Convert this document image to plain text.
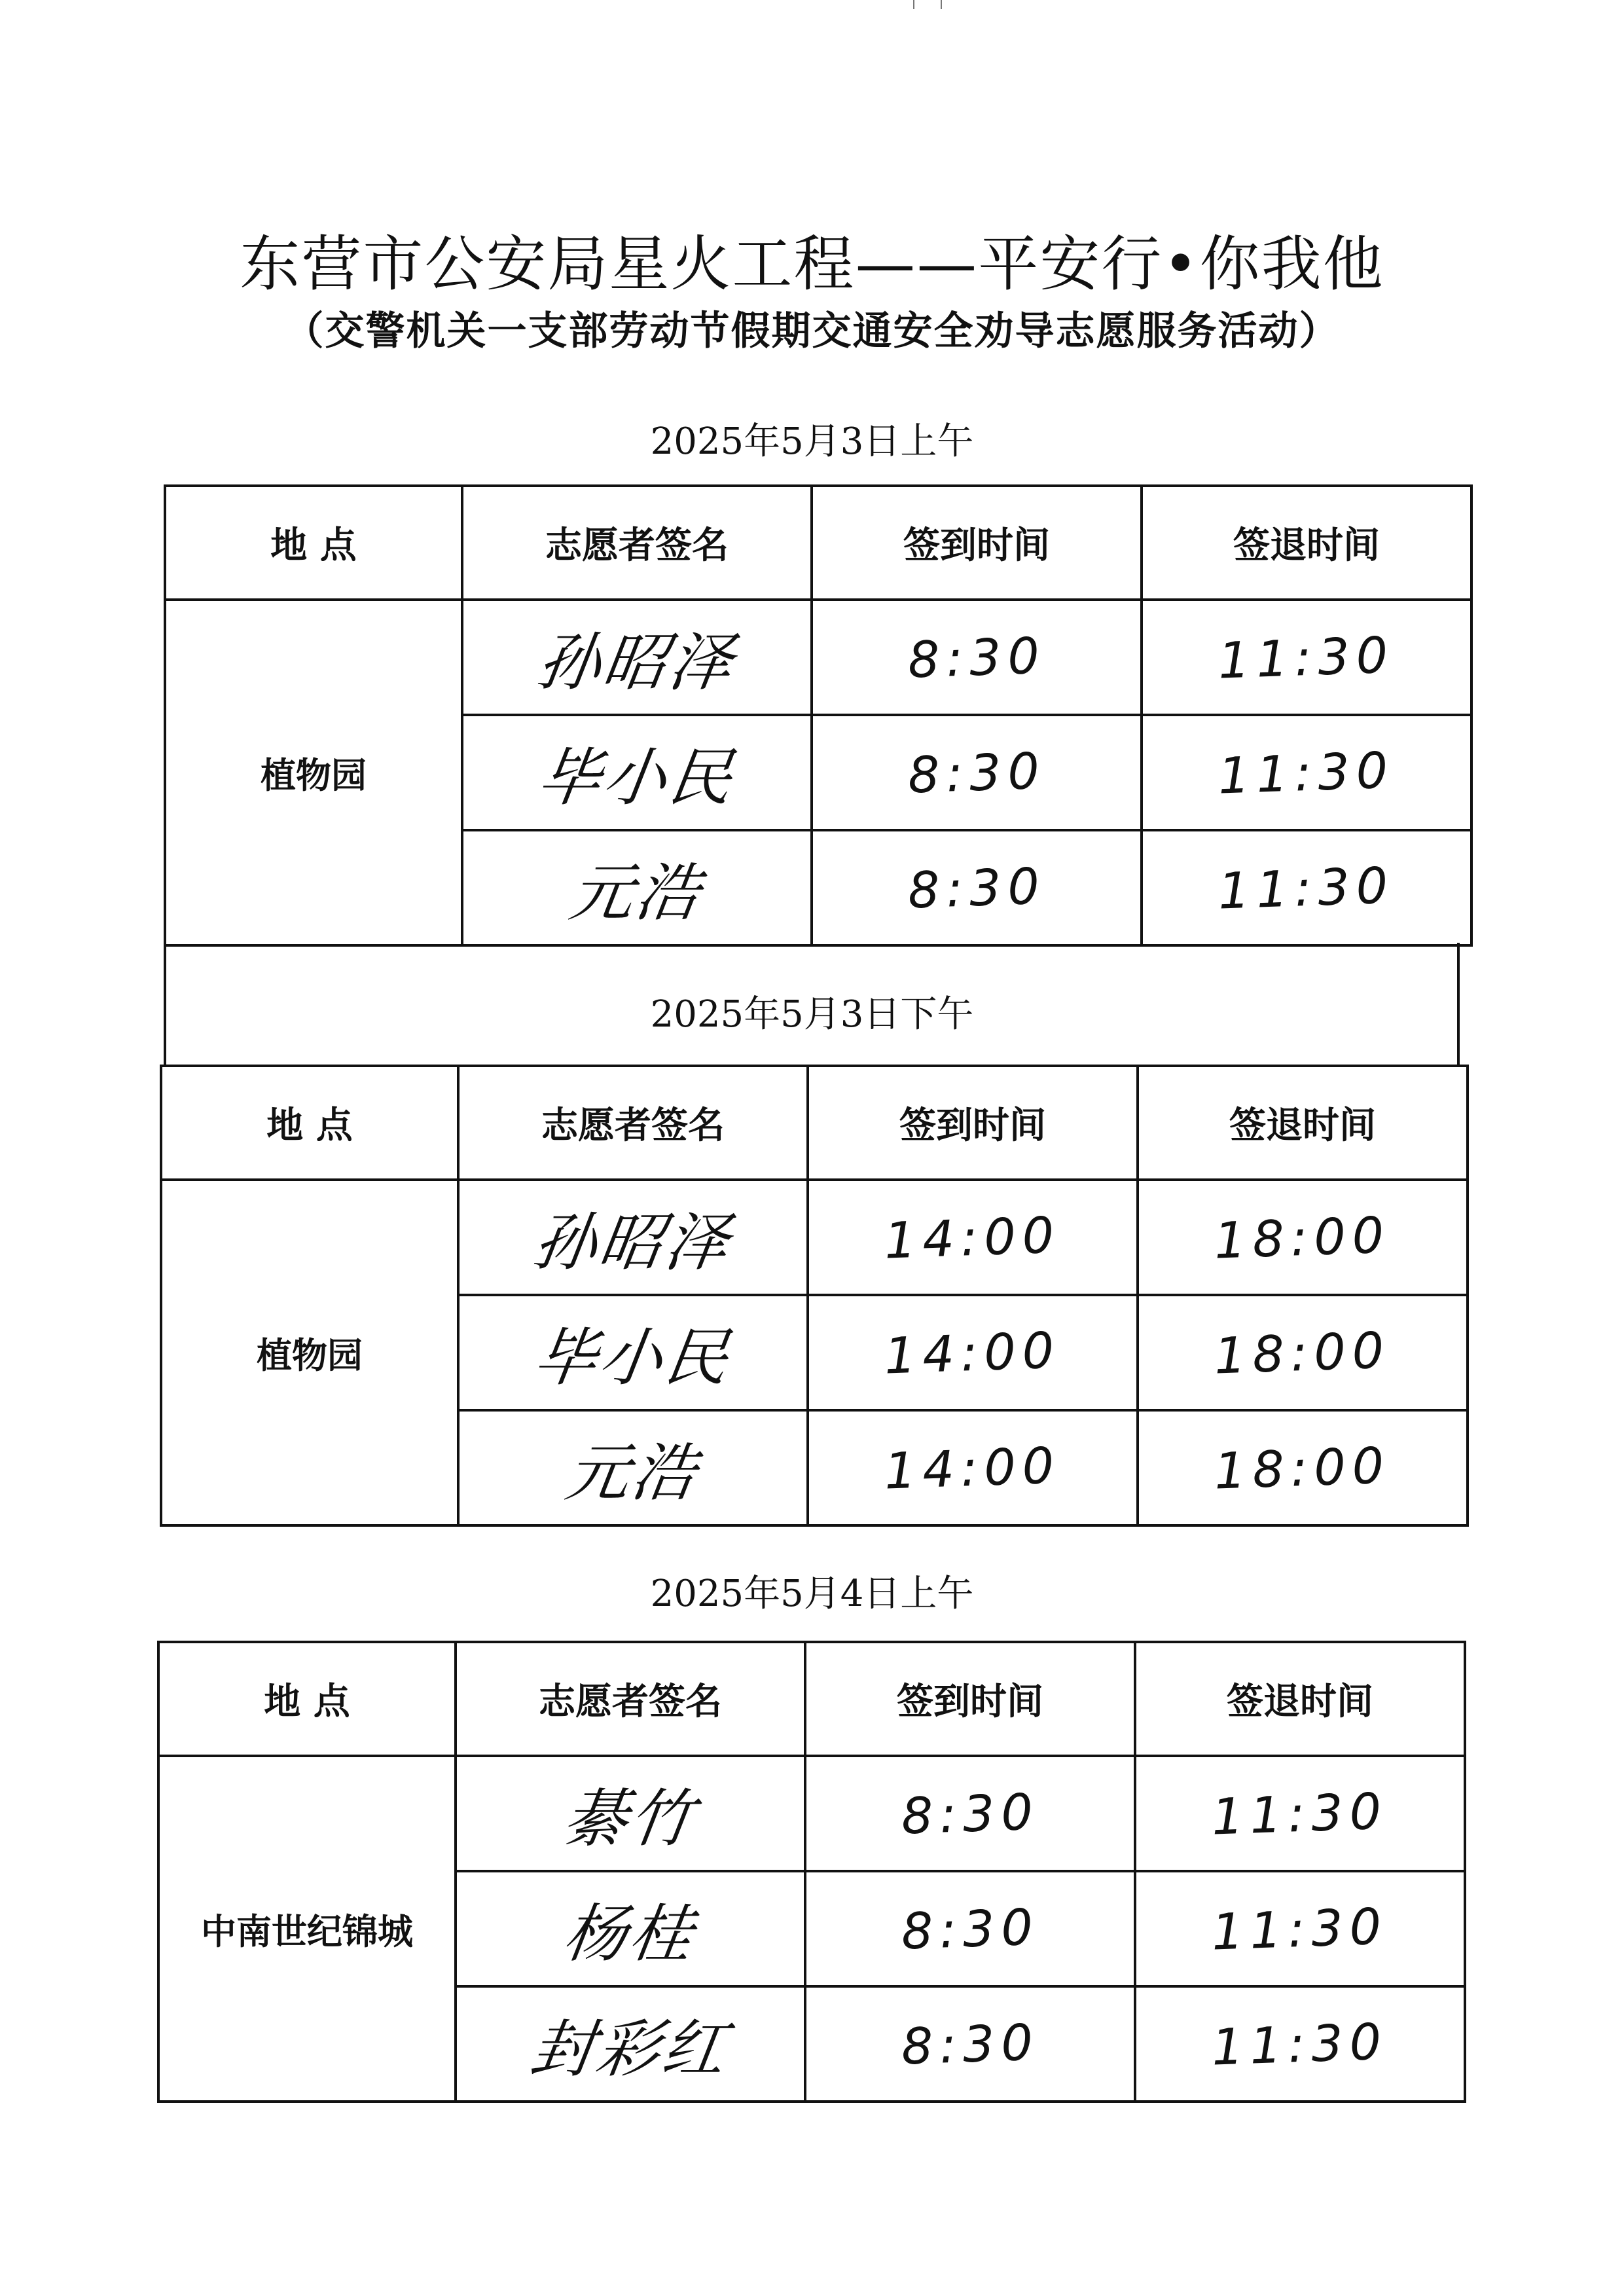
东营市公安局星火工程——平安行•你我他
（交警机关一支部劳动节假期交通安全劝导志愿服务活动）
2025年5月3日上午
地 点	志愿者签名	签到时间	签退时间
植物园	孙昭泽	8:30	11:30
	毕小民	8:30	11:30
	元浩	8:30	11:30
2025年5月3日下午
地 点	志愿者签名	签到时间	签退时间
植物园	孙昭泽	14:00	18:00
	毕小民	14:00	18:00
	元浩	14:00	18:00
2025年5月4日上午
地 点	志愿者签名	签到时间	签退时间
中南世纪锦城	綦竹	8:30	11:30
	杨桂	8:30	11:30
	封彩红	8:30	11:30
